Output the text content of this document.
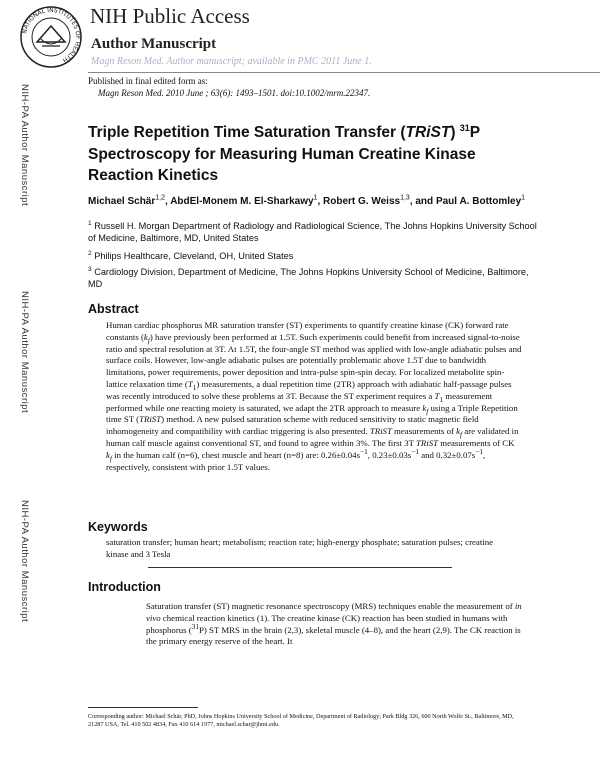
NATIONAL INSTITUTES OF HEALTH
NIH Public Access
Author Manuscript
Magn Reson Med. Author manuscript; available in PMC 2011 June 1.
Published in final edited form as:
Magn Reson Med. 2010 June ; 63(6): 1493–1501. doi:10.1002/mrm.22347.
NIH-PA Author Manuscript
NIH-PA Author Manuscript
NIH-PA Author Manuscript
Triple Repetition Time Saturation Transfer (TRiST) $^{31}$P Spectroscopy for Measuring Human Creatine Kinase Reaction Kinetics
Michael Schär$^{1,2}$, AbdEl-Monem M. El-Sharkawy$^1$, Robert G. Weiss$^{1,3}$, and Paul A. Bottomley$^1$
$^1$ Russell H. Morgan Department of Radiology and Radiological Science, The Johns Hopkins University School of Medicine, Baltimore, MD, United States
$^2$ Philips Healthcare, Cleveland, OH, United States
$^3$ Cardiology Division, Department of Medicine, The Johns Hopkins University School of Medicine, Baltimore, MD
Abstract

Human cardiac phosphorus MR saturation transfer (ST) experiments to quantify creatine kinase (CK) forward rate constants $(k_f)$ have previously been performed at 1.5T. Such experiments could benefit from increased signal-to-noise ratio and spectral resolution at 3T. At 1.5T, the four-angle ST method was applied with low-angle adiabatic pulses and surface coils. However, low-angle adiabatic pulses are potentially problematic above 1.5T due to bandwidth limitations, power requirements, power deposition and intra-pulse spin-spin decay. For localized metabolite spin-lattice relaxation time $(T_1)$ measurements, a dual repetition time (2TR) approach with adiabatic half-passage pulses was recently introduced to solve these problems at 3T. Because the ST experiment requires a $T_1$ measurement performed while one reacting moiety is saturated, we adapt the 2TR approach to measure $k_f$ using a Triple Repetition time ST (TRiST) method. A new pulsed saturation scheme with reduced sensitivity to static magnetic field inhomogeneity and compatibility with cardiac triggering is also presented. TRiST measurements of $k_f$ are validated in human calf muscle against conventional ST, and found to agree within 3%. The first 3T TRiST measurements of CK $k_f$ in the human calf (n=6), chest muscle and heart (n=8) are: $0.26\pm 0.04s^{-1}$, $0.23\pm 0.03s^{-1}$ and $0.32\pm 0.07s^{-1}$, respectively, consistent with prior 1.5T values.

Keywords
saturation transfer; human heart; metabolism; reaction rate; high-energy phosphate; saturation pulses; creatine kinase and 3 Tesla
Introduction
Saturation transfer (ST) magnetic resonance spectroscopy (MRS) techniques enable the measurement of in vivo chemical reaction kinetics (1). The creatine kinase (CK) reaction has been studied in humans with phosphorus ($^{31}$P) ST MRS in the brain (2,3), skeletal muscle (4–8), and the heart (2,9). The CK reaction is the primary energy reserve of the heart. It
Corresponding author: Michael Schär, PhD, Johns Hopkins University School of Medicine, Department of Radiology; Park Bldg 326, 600 North Wolfe St., Baltimore, MD, 21287 USA, Tel. 410 502 4834, Fax 410 614 1977, michael.schar@jhmi.edu.
